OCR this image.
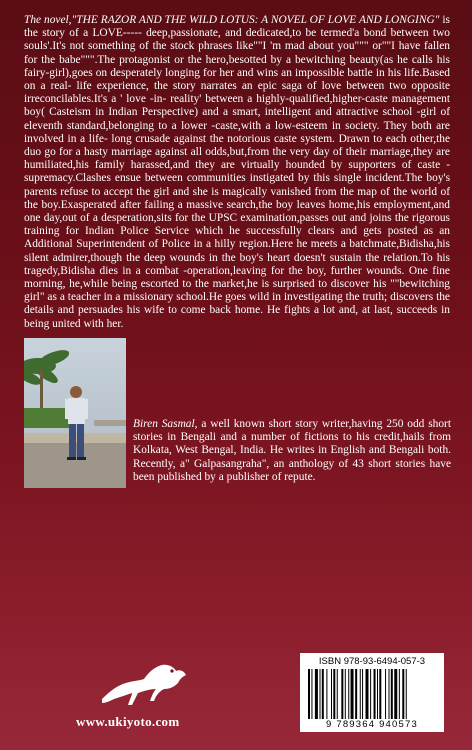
The novel,"THE RAZOR AND THE WILD LOTUS: A NOVEL OF LOVE AND LONGING" is the story of a LOVE----- deep,passionate, and dedicated,to be termed'a bond between two souls'.It's not something of the stock phrases like""I 'm mad about you""" or""I have fallen for the babe""".The protagonist or the hero,besotted by a bewitching beauty(as he calls his fairy-girl),goes on desperately longing for her and wins an impossible battle in his life.Based on a real- life experience, the story narrates an epic saga of love between two opposite irreconcilables.It's a ' love -in- reality' between a highly-qualified,higher-caste management boy( Casteism in Indian Perspective) and a smart, intelligent and attractive school -girl of eleventh standard,belonging to a lower -caste,with a low-esteem in society. They both are involved in a life- long crusade against the notorious caste system. Drawn to each other,the duo go for a hasty marriage against all odds,but,from the very day of their marriage,they are humiliated,his family harassed,and they are virtually hounded by supporters of caste -supremacy.Clashes ensue between communities instigated by this single incident.The boy's parents refuse to accept the girl and she is magically vanished from the map of the world of the boy.Exasperated after failing a massive search,the boy leaves home,his employment,and one day,out of a desperation,sits for the UPSC examination,passes out and joins the rigorous training for Indian Police Service which he successfully clears and gets posted as an Additional Superintendent of Police in a hilly region.Here he meets a batchmate,Bidisha,his silent admirer,though the deep wounds in the boy's heart doesn't sustain the relation.To his tragedy,Bidisha dies in a combat -operation,leaving for the boy, further wounds. One fine morning, he,while being escorted to the market,he is surprised to discover his ""bewitching girl" as a teacher in a missionary school.He goes wild in investigating the truth; discovers the details and persuades his wife to come back home. He fights a lot and, at last, succeeds in being united with her.

Biren Sasmal, a well known short story writer,having 250 odd short stories in Bengali and a number of fictions to his credit,hails from Kolkata, West Bengal, India. He writes in English and Bengali both. Recently, a" Galpasangraha", an anthology of 43 short stories have been published by a publisher of repute.

www.ukiyoto.com
ISBN 978-93-6494-057-3
9 789364 940573
